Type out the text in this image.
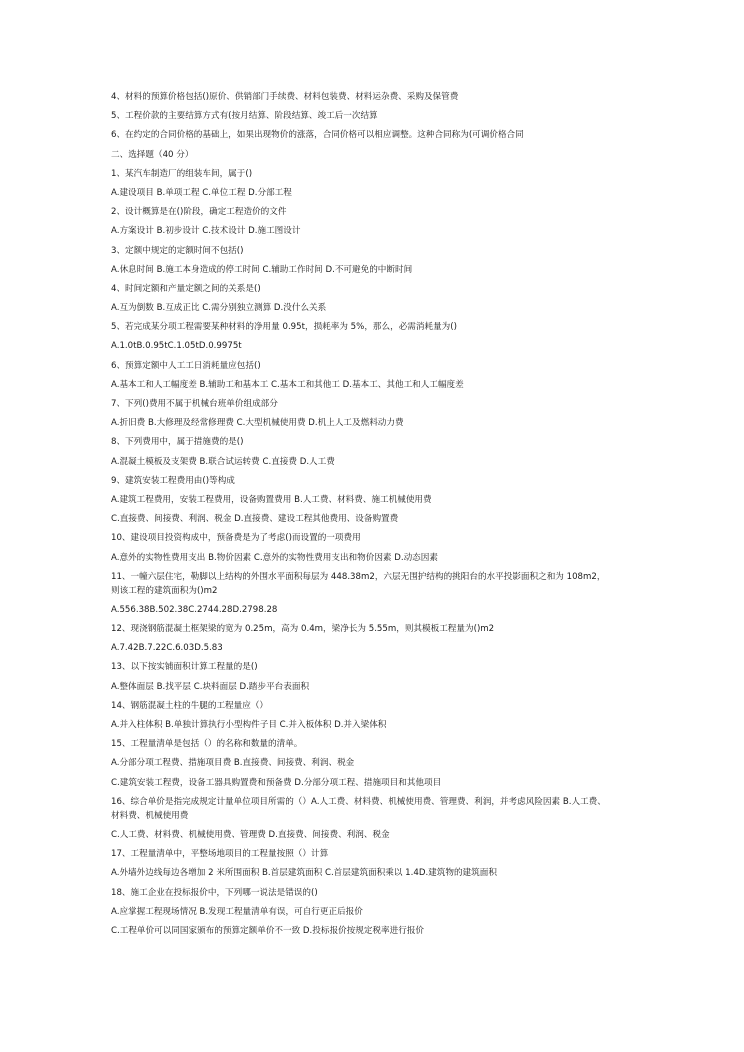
4、材料的预算价格包括()原价、供销部门手续费、材料包装费、材料运杂费、采购及保管费

5、工程价款的主要结算方式有(按月结算、阶段结算、竣工后一次结算

6、在约定的合同价格的基础上，如果出现物价的涨落，合同价格可以相应调整。这种合同称为(可调价格合同

二、选择题（40 分）

1、某汽车制造厂的组装车间，属于()

A.建设项目 B.单项工程 C.单位工程 D.分部工程

2、设计概算是在()阶段，确定工程造价的文件

A.方案设计 B.初步设计 C.技术设计 D.施工图设计

3、定额中规定的定额时间不包括()

A.休息时间 B.施工本身造成的停工时间 C.辅助工作时间 D.不可避免的中断时间

4、时间定额和产量定额之间的关系是()

A.互为倒数 B.互成正比 C.需分别独立测算 D.没什么关系

5、若完成某分项工程需要某种材料的净用量 0.95t，损耗率为 5%，那么，必需消耗量为()

A.1.0tB.0.95tC.1.05tD.0.9975t

6、预算定额中人工工日消耗量应包括()

A.基本工和人工幅度差 B.辅助工和基本工 C.基本工和其他工 D.基本工、其他工和人工幅度差

7、下列()费用不属于机械台班单价组成部分

A.折旧费 B.大修理及经常修理费 C.大型机械使用费 D.机上人工及燃料动力费

8、下列费用中，属于措施费的是()

A.混凝土模板及支架费 B.联合试运转费 C.直接费 D.人工费

9、建筑安装工程费用由()等构成

A.建筑工程费用，安装工程费用，设备购置费用 B.人工费、材料费、施工机械使用费

C.直接费、间接费、利润、税金 D.直接费、建设工程其他费用、设备购置费

10、建设项目投资构成中，预备费是为了考虑()而设置的一项费用

A.意外的实物性费用支出 B.物价因素 C.意外的实物性费用支出和物价因素 D.动态因素

11、一幢六层住宅，勒脚以上结构的外围水平面积每层为 448.38m2，六层无围护结构的挑阳台的水平投影面积之和为 108m2，

则该工程的建筑面积为()m2

A.556.38B.502.38C.2744.28D.2798.28

12、现浇钢筋混凝土框架梁的宽为 0.25m，高为 0.4m，梁净长为 5.55m，则其模板工程量为()m2

A.7.42B.7.22C.6.03D.5.83

13、以下按实铺面积计算工程量的是()

A.整体面层 B.找平层 C.块料面层 D.踏步平台表面积

14、钢筋混凝土柱的牛腿的工程量应（）

A.并入柱体积 B.单独计算执行小型构件子目 C.并入板体积 D.并入梁体积

15、工程量清单是包括（）的名称和数量的清单。

A.分部分项工程费、措施项目费 B.直接费、间接费、利润、税金

C.建筑安装工程费，设备工器具购置费和预备费 D.分部分项工程、措施项目和其他项目

16、综合单价是指完成规定计量单位项目所需的（）A.人工费、材料费、机械使用费、管理费、利润，并考虑风险因素 B.人工费、

材料费、机械使用费

C.人工费、材料费、机械使用费、管理费 D.直接费、间接费、利润、税金

17、工程量清单中，平整场地项目的工程量按照（）计算

A.外墙外边线每边各增加 2 米所围面积 B.首层建筑面积 C.首层建筑面积乘以 1.4D.建筑物的建筑面积

18、施工企业在投标报价中，下列哪一说法是错误的()

A.应掌握工程现场情况 B.发现工程量清单有误，可自行更正后报价

C.工程单价可以同国家颁布的预算定额单价不一致 D.投标报价按规定税率进行报价
